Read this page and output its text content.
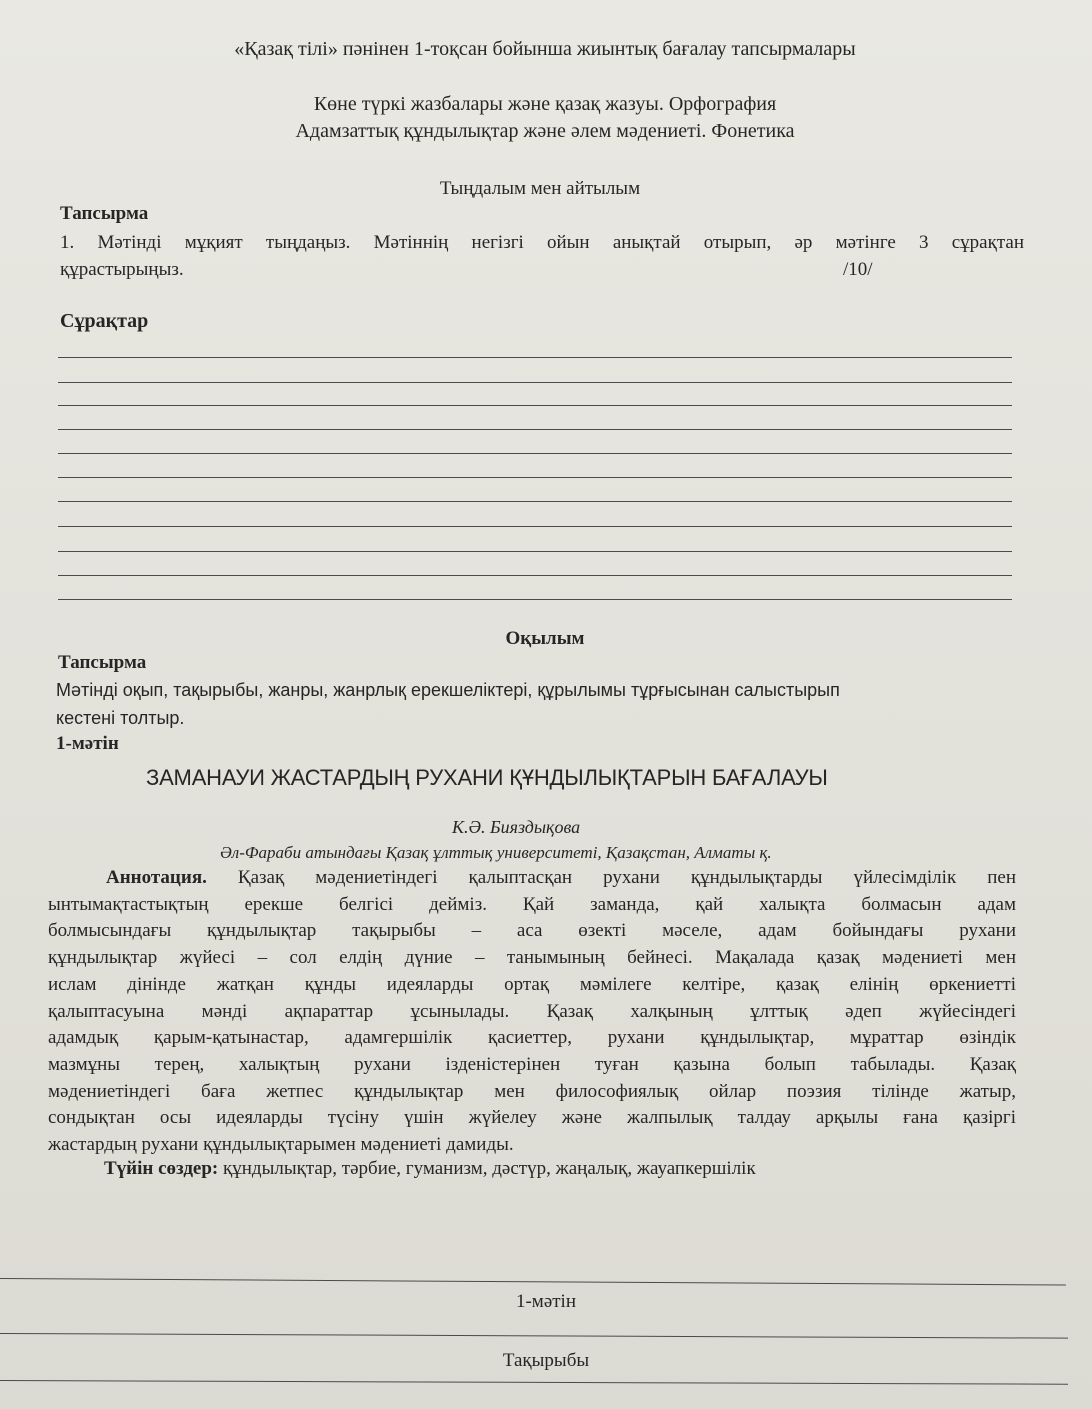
«Қазақ тілі» пәнінен 1-тоқсан бойынша жиынтық бағалау тапсырмалары
Көне түркі жазбалары және қазақ жазуы. Орфография
Адамзаттық құндылықтар және әлем мәдениеті. Фонетика
Тыңдалым мен айтылым
Тапсырма
1. Мәтінді мұқият тыңдаңыз. Мәтіннің негізгі ойын анықтай отырып, әр мәтінге 3 сұрақтан
құрастырыңыз.	/10/
Сұрақтар
Оқылым
Тапсырма
Мәтінді оқып, тақырыбы, жанры, жанрлық ерекшеліктері, құрылымы тұрғысынан салыстырып
кестені толтыр.
1-мәтін
ЗАМАНАУИ ЖАСТАРДЫҢ РУХАНИ ҚҰНДЫЛЫҚТАРЫН БАҒАЛАУЫ
К.Ә. Бияздықова
Әл-Фараби атындағы Қазақ ұлттық университеті, Қазақстан, Алматы қ.
Аннотация. Қазақ мәдениетіндегі қалыптасқан рухани құндылықтарды үйлесімділік пен
ынтымақтастықтың ерекше белгісі дейміз. Қай заманда, қай халықта болмасын адам
болмысындағы құндылықтар тақырыбы – аса өзекті мәселе, адам бойындағы рухани
құндылықтар жүйесі – сол елдің дүние – танымының бейнесі. Мақалада қазақ мәдениеті мен
ислам дінінде жатқан құнды идеяларды ортақ мәмілеге келтіре, қазақ елінің өркениетті
қалыптасуына мәнді ақпараттар ұсынылады. Қазақ халқының ұлттық әдеп жүйесіндегі
адамдық қарым-қатынастар, адамгершілік қасиеттер, рухани құндылықтар, мұраттар өзіндік
мазмұны терең, халықтың рухани ізденістерінен туған қазына болып табылады. Қазақ
мәдениетіндегі баға жетпес құндылықтар мен философиялық ойлар поэзия тілінде жатыр,
сондықтан осы идеяларды түсіну үшін жүйелеу және жалпылық талдау арқылы ғана қазіргі
жастардың рухани құндылықтарымен мәдениеті дамиды.
Түйін сөздер: құндылықтар, тәрбие, гуманизм, дәстүр, жаңалық, жауапкершілік
1-мәтін
Тақырыбы
